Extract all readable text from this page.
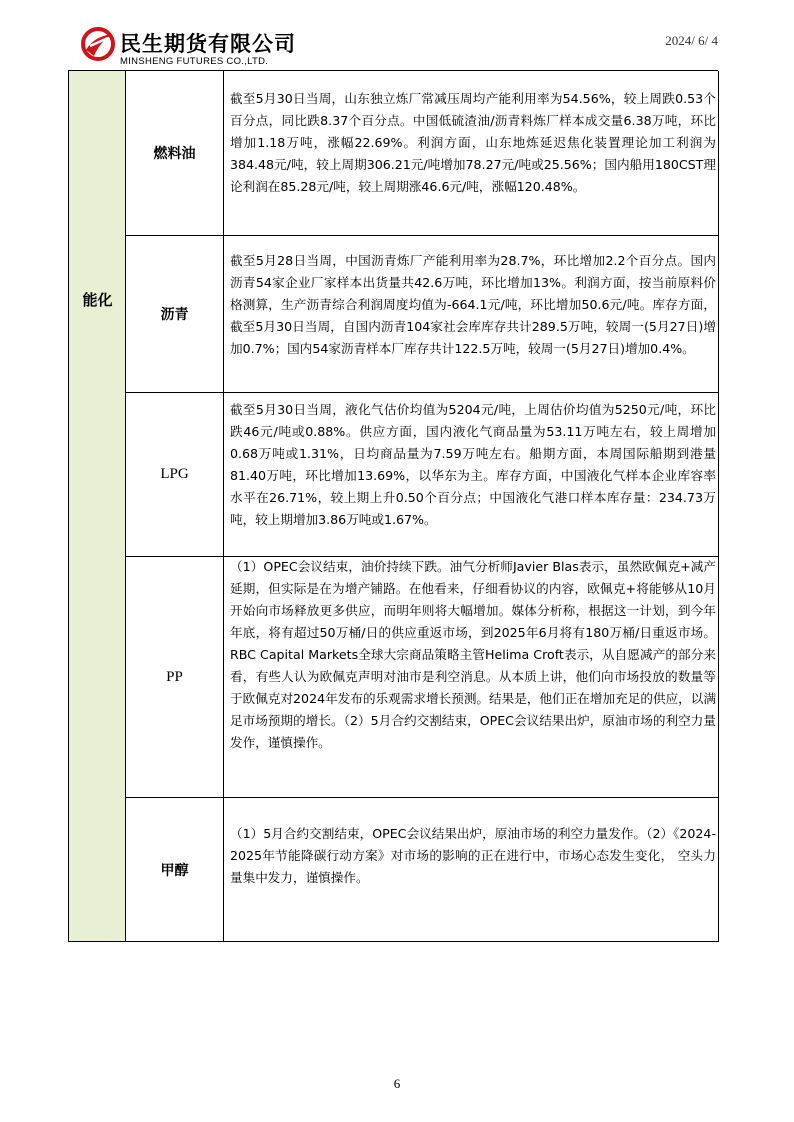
民生期货有限公司
MINSHENG FUTURES CO.,LTD.
2024/ 6/ 4
能化
燃料油
截至5月30日当周，山东独立炼厂常减压周均产能利用率为54.56%，较上周跌0.53个百分点，同比跌8.37个百分点。中国低硫渣油/沥青料炼厂样本成交量6.38万吨，环比增加1.18万吨，涨幅22.69%。利润方面，山东地炼延迟焦化装置理论加工利润为384.48元/吨，较上周期306.21元/吨增加78.27元/吨或25.56%；国内船用180CST理论利润在85.28元/吨，较上周期涨46.6元/吨，涨幅120.48%。
沥青
截至5月28日当周，中国沥青炼厂产能利用率为28.7%，环比增加2.2个百分点。国内沥青54家企业厂家样本出货量共42.6万吨，环比增加13%。利润方面，按当前原料价格测算，生产沥青综合利润周度均值为-664.1元/吨，环比增加50.6元/吨。库存方面，截至5月30日当周，自国内沥青104家社会库库存共计289.5万吨，较周一(5月27日)增加0.7%；国内54家沥青样本厂库存共计122.5万吨，较周一(5月27日)增加0.4%。
LPG
截至5月30日当周，液化气估价均值为5204元/吨，上周估价均值为5250元/吨，环比跌46元/吨或0.88%。供应方面，国内液化气商品量为53.11万吨左右，较上周增加0.68万吨或1.31%，日均商品量为7.59万吨左右。船期方面，本周国际船期到港量81.40万吨，环比增加13.69%，以华东为主。库存方面，中国液化气样本企业库容率水平在26.71%，较上期上升0.50个百分点；中国液化气港口样本库存量：234.73万吨，较上期增加3.86万吨或1.67%。
PP
（1）OPEC会议结束，油价持续下跌。油气分析师Javier Blas表示，虽然欧佩克+减产延期，但实际是在为增产铺路。在他看来，仔细看协议的内容，欧佩克+将能够从10月开始向市场释放更多供应，而明年则将大幅增加。媒体分析称，根据这一计划，到今年年底，将有超过50万桶/日的供应重返市场，到2025年6月将有180万桶/日重返市场。RBC Capital Markets全球大宗商品策略主管Helima Croft表示，从自愿减产的部分来看，有些人认为欧佩克声明对油市是利空消息。从本质上讲，他们向市场投放的数量等于欧佩克对2024年发布的乐观需求增长预测。结果是，他们正在增加充足的供应，以满足市场预期的增长。（2）5月合约交割结束，OPEC会议结果出炉，原油市场的利空力量发作，谨慎操作。
甲醇
（1）5月合约交割结束，OPEC会议结果出炉，原油市场的利空力量发作。（2）《2024-2025年节能降碳行动方案》对市场的影响的正在进行中，市场心态发生变化， 空头力量集中发力，谨慎操作。
6
